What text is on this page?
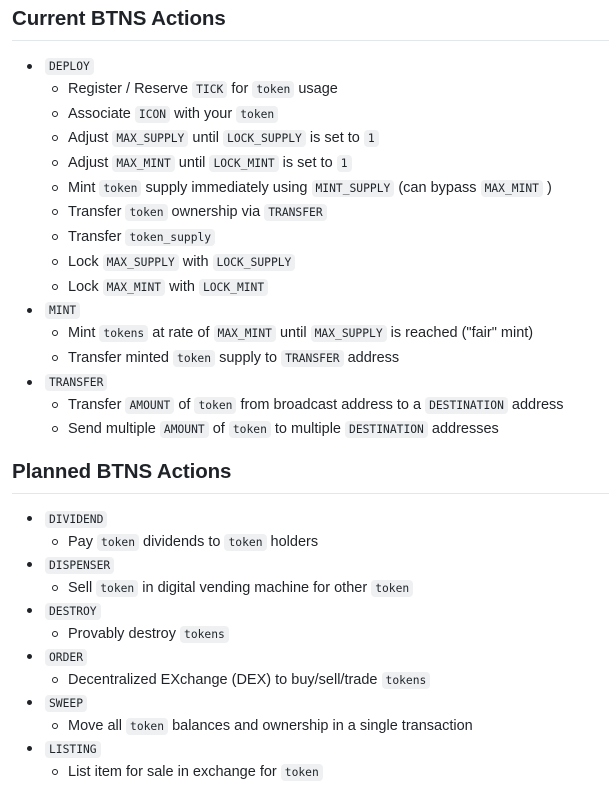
Current BTNS Actions
DEPLOY
Register / Reserve TICK for token usage
Associate ICON with your token
Adjust MAX_SUPPLY until LOCK_SUPPLY is set to 1
Adjust MAX_MINT until LOCK_MINT is set to 1
Mint token supply immediately using MINT_SUPPLY (can bypass MAX_MINT )
Transfer token ownership via TRANSFER
Transfer token_supply
Lock MAX_SUPPLY with LOCK_SUPPLY
Lock MAX_MINT with LOCK_MINT
MINT
Mint tokens at rate of MAX_MINT until MAX_SUPPLY is reached ("fair" mint)
Transfer minted token supply to TRANSFER address
TRANSFER
Transfer AMOUNT of token from broadcast address to a DESTINATION address
Send multiple AMOUNT of token to multiple DESTINATION addresses
Planned BTNS Actions
DIVIDEND
Pay token dividends to token holders
DISPENSER
Sell token in digital vending machine for other token
DESTROY
Provably destroy tokens
ORDER
Decentralized EXchange (DEX) to buy/sell/trade tokens
SWEEP
Move all token balances and ownership in a single transaction
LISTING
List item for sale in exchange for token
